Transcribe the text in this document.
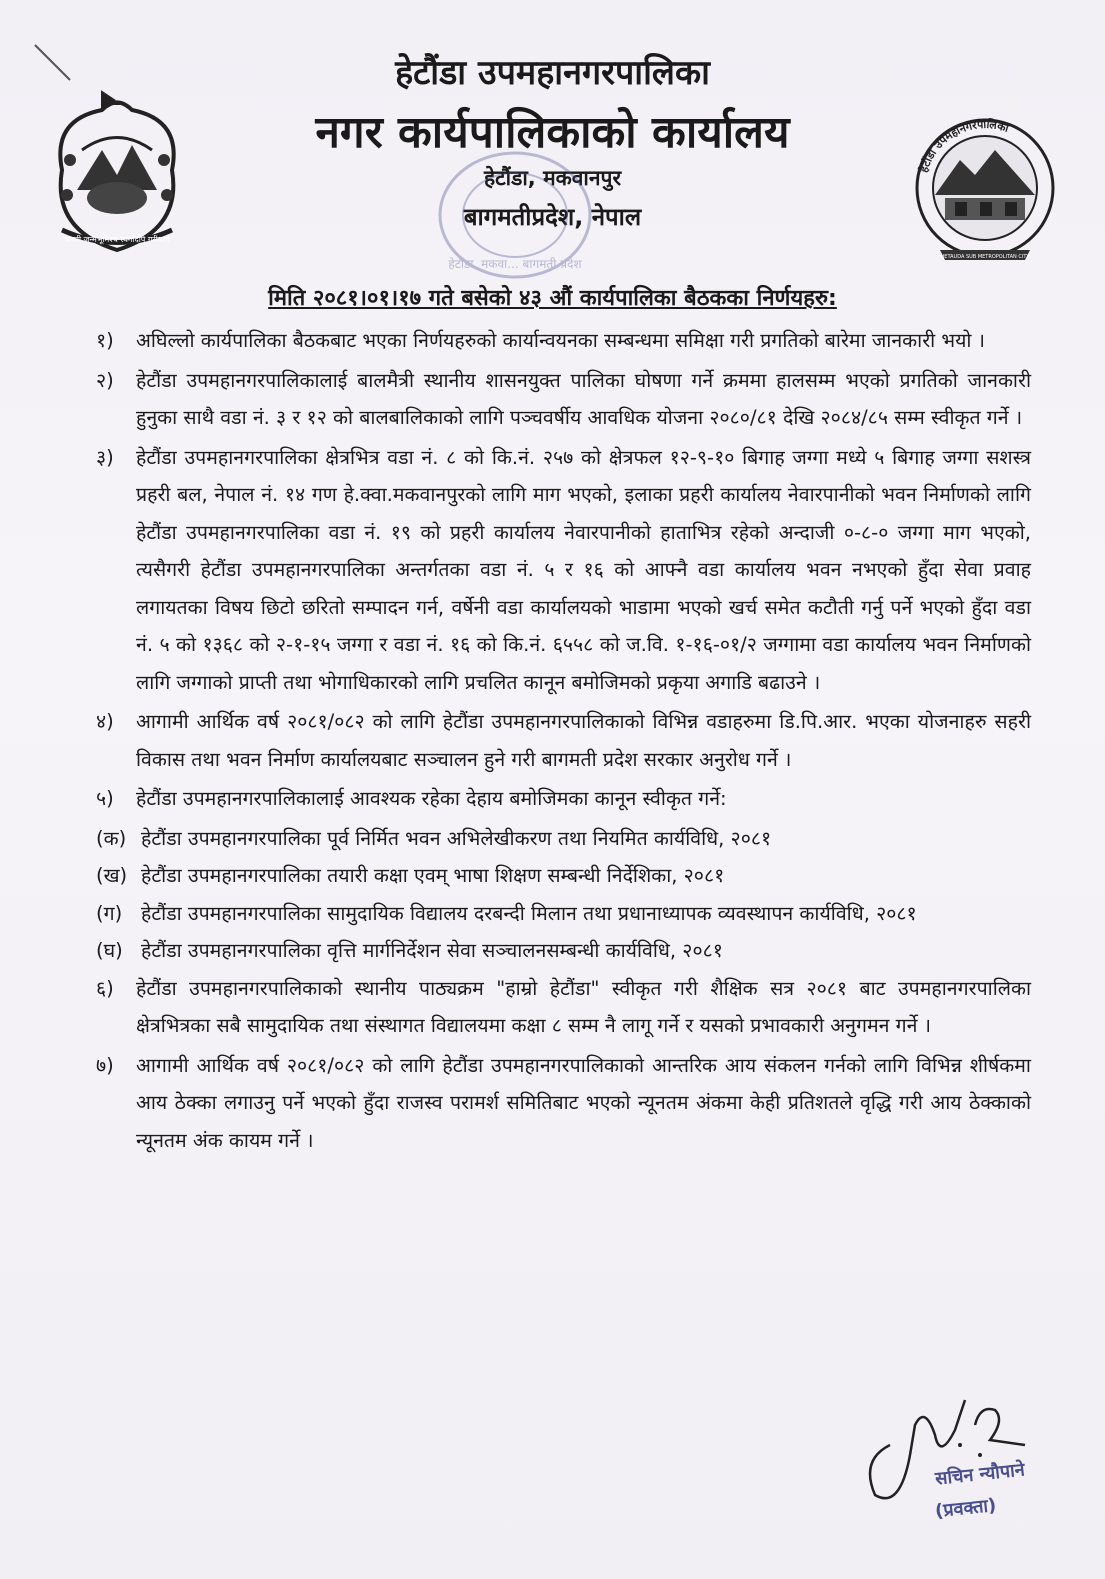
हेटौंडा उपमहानगरपालिका
नगर कार्यपालिकाको कार्यालय
हेटौंडा, मकवानपुर
बागमतीप्रदेश, नेपाल
हेटौंडा, मकवा... बागमती प्रदेश
जननी जन्मभूमिश्च स्वर्गादपि गरीयसी
हेटौंडा उपमहानगरपालिका
HETAUDA SUB METROPOLITAN CITY
मिति २०८१।०१।१७ गते बसेको ४३ औं कार्यपालिका बैठकका निर्णयहरु:
१)	अघिल्लो कार्यपालिका बैठकबाट भएका निर्णयहरुको कार्यान्वयनका सम्बन्धमा समिक्षा गरी प्रगतिको बारेमा जानकारी भयो ।
२)	हेटौंडा उपमहानगरपालिकालाई बालमैत्री स्थानीय शासनयुक्त पालिका घोषणा गर्ने क्रममा हालसम्म भएको प्रगतिको जानकारी हुनुका साथै वडा नं. ३ र १२ को बालबालिकाको लागि पञ्चवर्षीय आवधिक योजना २०८०/८१ देखि २०८४/८५ सम्म स्वीकृत गर्ने ।
३)	हेटौंडा उपमहानगरपालिका क्षेत्रभित्र वडा नं. ८ को कि.नं. २५७ को क्षेत्रफल १२-९-१० बिगाह जग्गा मध्ये ५ बिगाह जग्गा सशस्त्र प्रहरी बल, नेपाल नं. १४ गण हे.क्वा.मकवानपुरको लागि माग भएको, इलाका प्रहरी कार्यालय नेवारपानीको भवन निर्माणको लागि हेटौंडा उपमहानगरपालिका वडा नं. १९ को प्रहरी कार्यालय नेवारपानीको हाताभित्र रहेको अन्दाजी ०-८-० जग्गा माग भएको, त्यसैगरी हेटौंडा उपमहानगरपालिका अन्तर्गतका वडा नं. ५ र १६ को आफ्नै वडा कार्यालय भवन नभएको हुँदा सेवा प्रवाह लगायतका विषय छिटो छरितो सम्पादन गर्न, वर्षेनी वडा कार्यालयको भाडामा भएको खर्च समेत कटौती गर्नु पर्ने भएको हुँदा वडा नं. ५ को १३६८ को २-१-१५ जग्गा र वडा नं. १६ को कि.नं. ६५५८ को ज.वि. १-१६-०१/२ जग्गामा वडा कार्यालय भवन निर्माणको लागि जग्गाको प्राप्ती तथा भोगाधिकारको लागि प्रचलित कानून बमोजिमको प्रकृया अगाडि बढाउने ।
४)	आगामी आर्थिक वर्ष २०८१/०८२ को लागि हेटौंडा उपमहानगरपालिकाको विभिन्न वडाहरुमा डि.पि.आर. भएका योजनाहरु सहरी विकास तथा भवन निर्माण कार्यालयबाट सञ्चालन हुने गरी बागमती प्रदेश सरकार अनुरोध गर्ने ।
५)	हेटौंडा उपमहानगरपालिकालाई आवश्यक रहेका देहाय बमोजिमका कानून स्वीकृत गर्ने:
(क) हेटौंडा उपमहानगरपालिका पूर्व निर्मित भवन अभिलेखीकरण तथा नियमित कार्यविधि, २०८१
(ख) हेटौंडा उपमहानगरपालिका तयारी कक्षा एवम् भाषा शिक्षण सम्बन्धी निर्देशिका, २०८१
(ग) हेटौंडा उपमहानगरपालिका सामुदायिक विद्यालय दरबन्दी मिलान तथा प्रधानाध्यापक व्यवस्थापन कार्यविधि, २०८१
(घ) हेटौंडा उपमहानगरपालिका वृत्ति मार्गनिर्देशन सेवा सञ्चालनसम्बन्धी कार्यविधि, २०८१
६)	हेटौंडा उपमहानगरपालिकाको स्थानीय पाठ्यक्रम "हाम्रो हेटौंडा" स्वीकृत गरी शैक्षिक सत्र २०८१ बाट उपमहानगरपालिका क्षेत्रभित्रका सबै सामुदायिक तथा संस्थागत विद्यालयमा कक्षा ८ सम्म नै लागू गर्ने र यसको प्रभावकारी अनुगमन गर्ने ।
७)	आगामी आर्थिक वर्ष २०८१/०८२ को लागि हेटौंडा उपमहानगरपालिकाको आन्तरिक आय संकलन गर्नको लागि विभिन्न शीर्षकमा आय ठेक्का लगाउनु पर्ने भएको हुँदा राजस्व परामर्श समितिबाट भएको न्यूनतम अंकमा केही प्रतिशतले वृद्धि गरी आय ठेक्काको न्यूनतम अंक कायम गर्ने ।
सचिन न्यौपाने
(प्रवक्ता)
